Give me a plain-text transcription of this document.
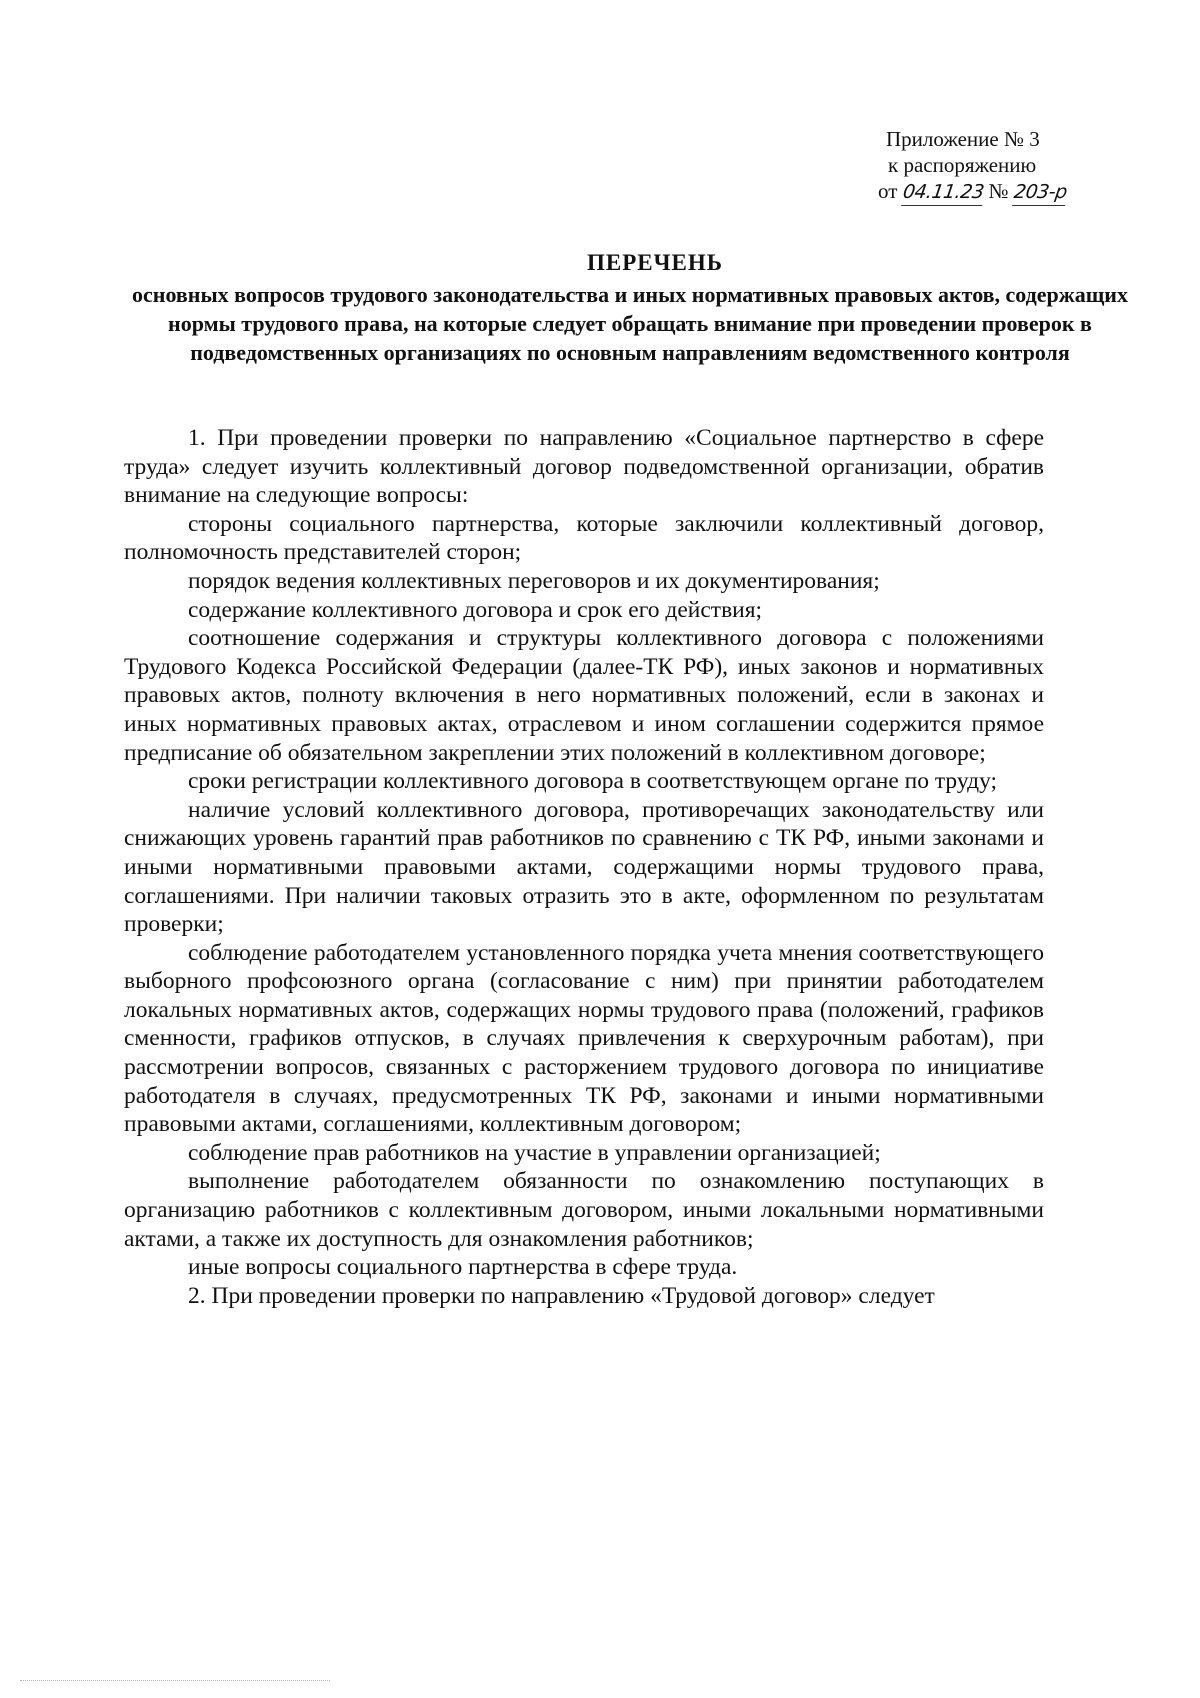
Приложение № 3
к распоряжению
от 04.11.23 № 203-р
ПЕРЕЧЕНЬ
основных вопросов трудового законодательства и иных нормативных правовых актов, содержащих нормы трудового права, на которые следует обращать внимание при проведении проверок в подведомственных организациях по основным направлениям ведомственного контроля

1. При проведении проверки по направлению «Социальное партнерство в сфере труда» следует изучить коллективный договор подведомственной организации, обратив внимание на следующие вопросы:

стороны социального партнерства, которые заключили коллективный договор, полномочность представителей сторон;

порядок ведения коллективных переговоров и их документирования;

содержание коллективного договора и срок его действия;

соотношение содержания и структуры коллективного договора с положениями Трудового Кодекса Российской Федерации (далее-ТК РФ), иных законов и нормативных правовых актов, полноту включения в него нормативных положений, если в законах и иных нормативных правовых актах, отраслевом и ином соглашении содержится прямое предписание об обязательном закреплении этих положений в коллективном договоре;

сроки регистрации коллективного договора в соответствующем органе по труду;

наличие условий коллективного договора, противоречащих законодательству или снижающих уровень гарантий прав работников по сравнению с ТК РФ, иными законами и иными нормативными правовыми актами, содержащими нормы трудового права, соглашениями. При наличии таковых отразить это в акте, оформленном по результатам проверки;

соблюдение работодателем установленного порядка учета мнения соответствующего выборного профсоюзного органа (согласование с ним) при принятии работодателем локальных нормативных актов, содержащих нормы трудового права (положений, графиков сменности, графиков отпусков, в случаях привлечения к сверхурочным работам), при рассмотрении вопросов, связанных с расторжением трудового договора по инициативе работодателя в случаях, предусмотренных ТК РФ, законами и иными нормативными правовыми актами, соглашениями, коллективным договором;

соблюдение прав работников на участие в управлении организацией;

выполнение работодателем обязанности по ознакомлению поступающих в организацию работников с коллективным договором, иными локальными нормативными актами, а также их доступность для ознакомления работников;

иные вопросы социального партнерства в сфере труда.

2. При проведении проверки по направлению «Трудовой договор» следует
